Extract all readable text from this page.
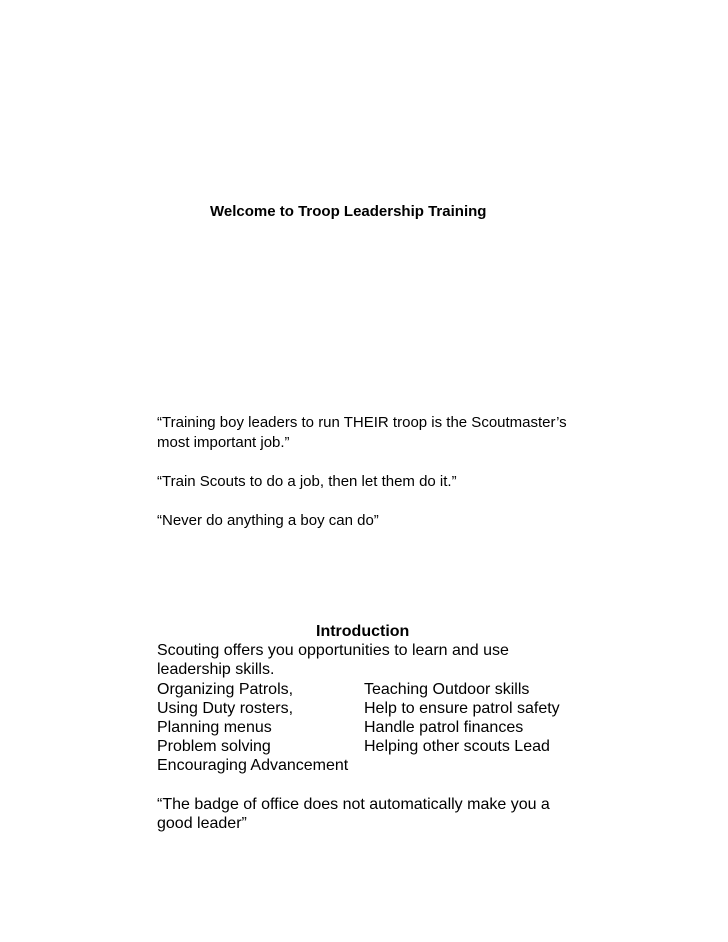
Welcome to Troop Leadership Training

“Training boy leaders to run THEIR troop is the Scoutmaster’s most important job.”

“Train Scouts to do a job, then let them do it.”

“Never do anything a boy can do”

Introduction
Scouting offers you opportunities to learn and use leadership skills.
Organizing Patrols,	Teaching Outdoor skills
Using Duty rosters,	Help to ensure patrol safety
Planning menus	Handle patrol finances
Problem solving	Helping other scouts Lead
Encouraging Advancement
“The badge of office does not automatically make you a good leader”
